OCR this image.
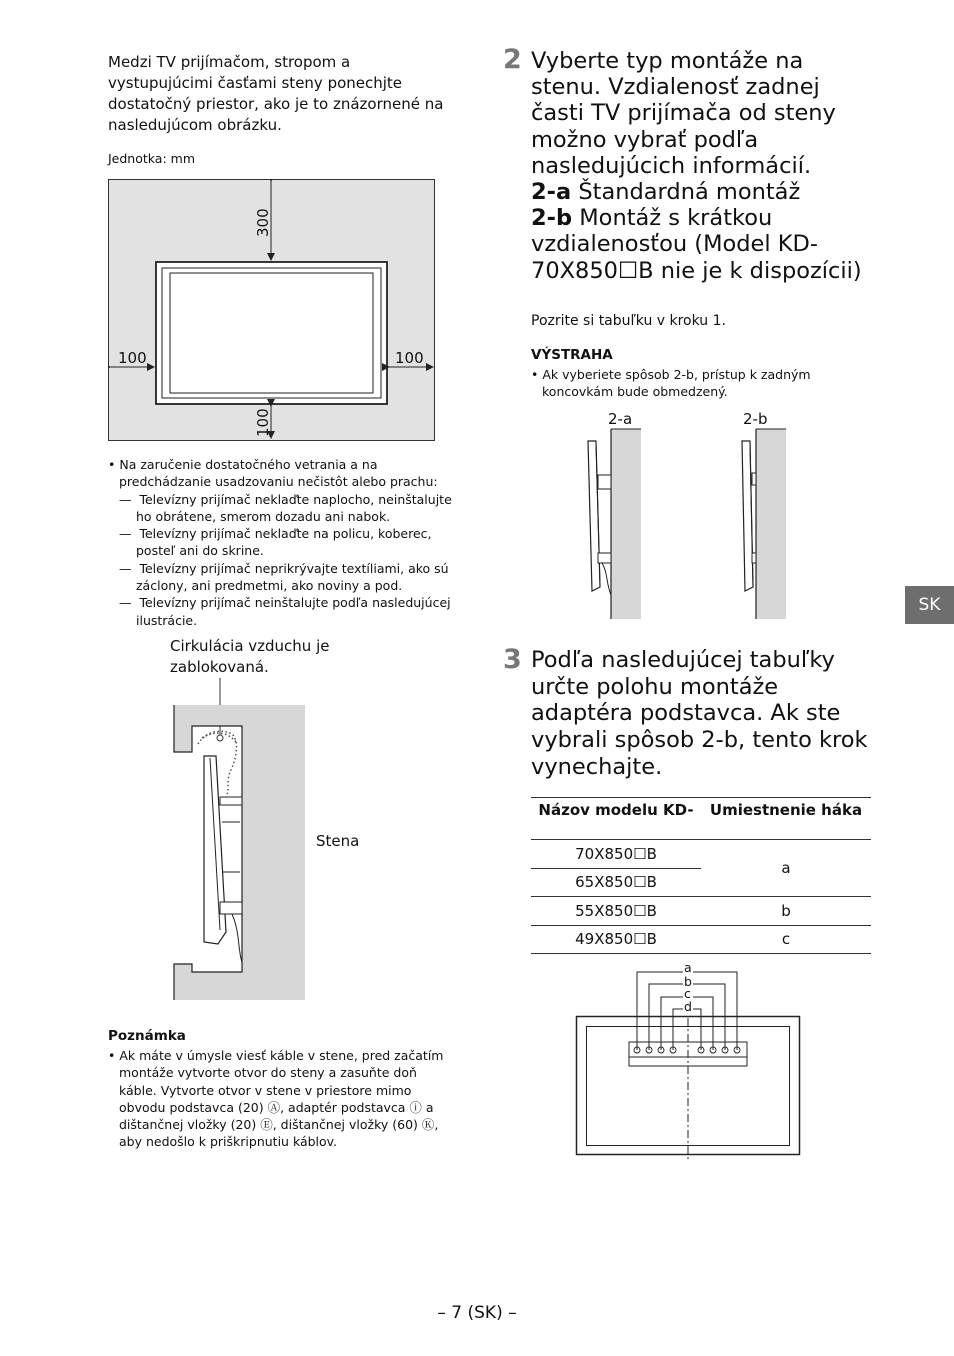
Medzi TV prijímačom, stropom a vystupujúcimi časťami steny ponechjte dostatočný priestor, ako je to znázornené na nasledujúcom obrázku.
Jednotka: mm
300
100
100	100

• Na zaručenie dostatočného vetrania a na predchádzanie usadzovaniu nečistôt alebo prachu:

—  Televízny prijímač neklaďte naplocho, neinštalujte ho obrátene, smerom dozadu ani nabok.

—  Televízny prijímač neklaďte na policu, koberec, posteľ ani do skrine.

—  Televízny prijímač neprikrývajte textíliami, ako sú záclony, ani predmetmi, ako noviny a pod.

—  Televízny prijímač neinštalujte podľa nasledujúcej ilustrácie.

Cirkulácia vzduchu je
zablokovaná.
Stena
Poznámka

• Ak máte v úmysle viesť káble v stene, pred začatím montáže vytvorte otvor do steny a zasuňte doň káble. Vytvorte otvor v stene v priestore mimo obvodu podstavca (20) Ⓐ, adaptér podstavca ⓘ a dištančnej vložky (20) Ⓔ, dištančnej vložky (60) Ⓚ, aby nedošlo k priškripnutiu káblov.

2 Vyberte typ montáže na stenu. Vzdialenosť zadnej časti TV prijímača od steny možno vybrať podľa nasledujúcich informácií.
2-a Štandardná montáž
2-b Montáž s krátkou vzdialenosťou (Model KD-70X850☐B nie je k dispozícii)
Pozrite si tabuľku v kroku 1.
VÝSTRAHA

• Ak vyberiete spôsob 2-b, prístup k zadným koncovkám bude obmedzený.

2-a	2-b
SK
3 Podľa nasledujúcej tabuľky určte polohu montáže adaptéra podstavca. Ak ste vybrali spôsob 2-b, tento krok vynechajte.
Názov modelu KD-	Umiestnenie háka
70X850☐B	a
65X850☐B	
55X850☐B	b
49X850☐B	c
a
b
c
d
– 7 (SK) –
